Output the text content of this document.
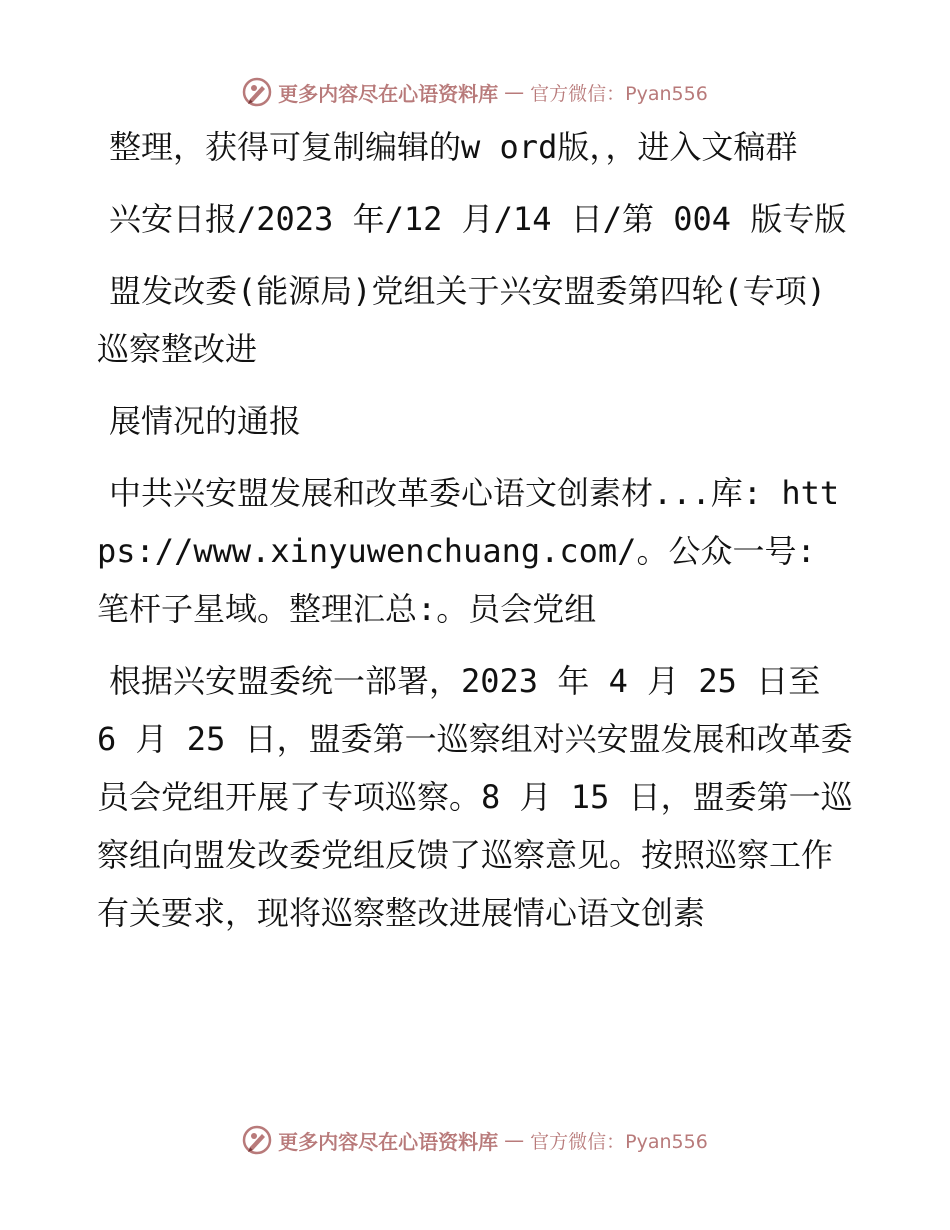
更多内容尽在心语资料库 — 官方微信：Pyan556

整理，获得可复制编辑的w ord版，，进入文稿群

兴安日报/2023 年/12 月/14 日/第 004 版专版

盟发改委(能源局)党组关于兴安盟委第四轮(专项)巡察整改进

展情况的通报

中共兴安盟发展和改革委心语文创素材...库: https://www.xinyuwenchuang.com/。公众一号: 笔杆子星域。整理汇总:。员会党组

根据兴安盟委统一部署，2023 年 4 月 25 日至 6 月 25 日，盟委第一巡察组对兴安盟发展和改革委员会党组开展了专项巡察。8 月 15 日，盟委第一巡察组向盟发改委党组反馈了巡察意见。按照巡察工作有关要求，现将巡察整改进展情心语文创素

更多内容尽在心语资料库 — 官方微信：Pyan556
